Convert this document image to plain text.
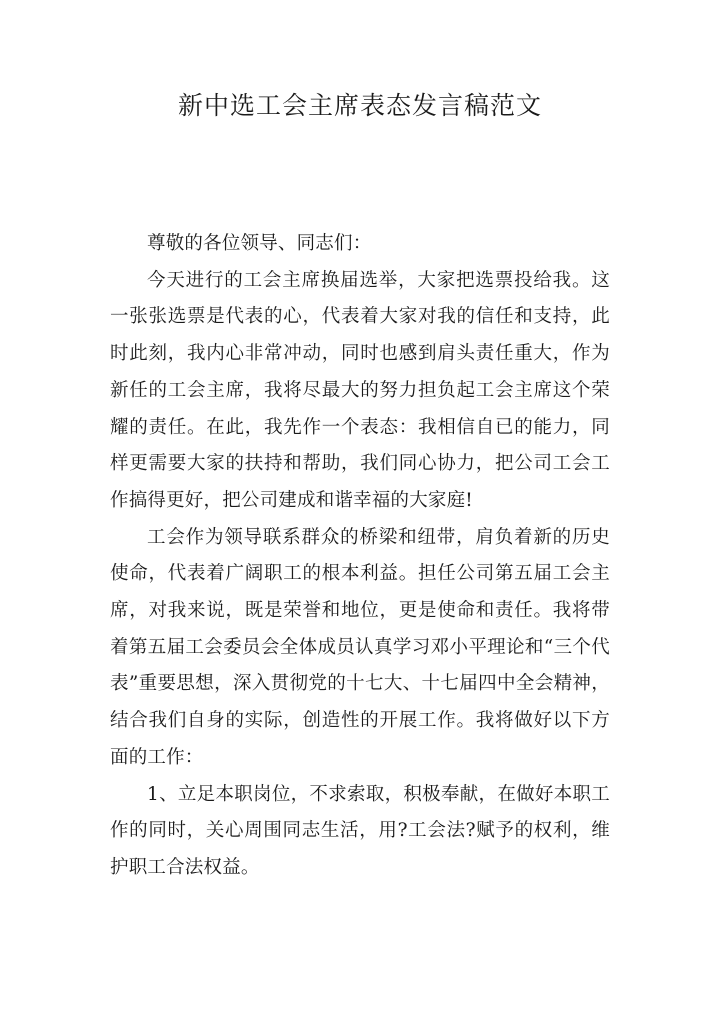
新中选工会主席表态发言稿范文

尊敬的各位领导、同志们：

今天进行的工会主席换届选举，大家把选票投给我。这一张张选票是代表的心，代表着大家对我的信任和支持，此时此刻，我内心非常冲动，同时也感到肩头责任重大，作为新任的工会主席，我将尽最大的努力担负起工会主席这个荣耀的责任。在此，我先作一个表态：我相信自已的能力，同样更需要大家的扶持和帮助，我们同心协力，把公司工会工作搞得更好，把公司建成和谐幸福的大家庭!

工会作为领导联系群众的桥梁和纽带，肩负着新的历史使命，代表着广阔职工的根本利益。担任公司第五届工会主席，对我来说，既是荣誉和地位，更是使命和责任。我将带着第五届工会委员会全体成员认真学习邓小平理论和“三个代表”重要思想，深入贯彻党的十七大、十七届四中全会精神，结合我们自身的实际，创造性的开展工作。我将做好以下方面的工作：

1、立足本职岗位，不求索取，积极奉献，在做好本职工作的同时，关心周围同志生活，用?工会法?赋予的权利，维护职工合法权益。
